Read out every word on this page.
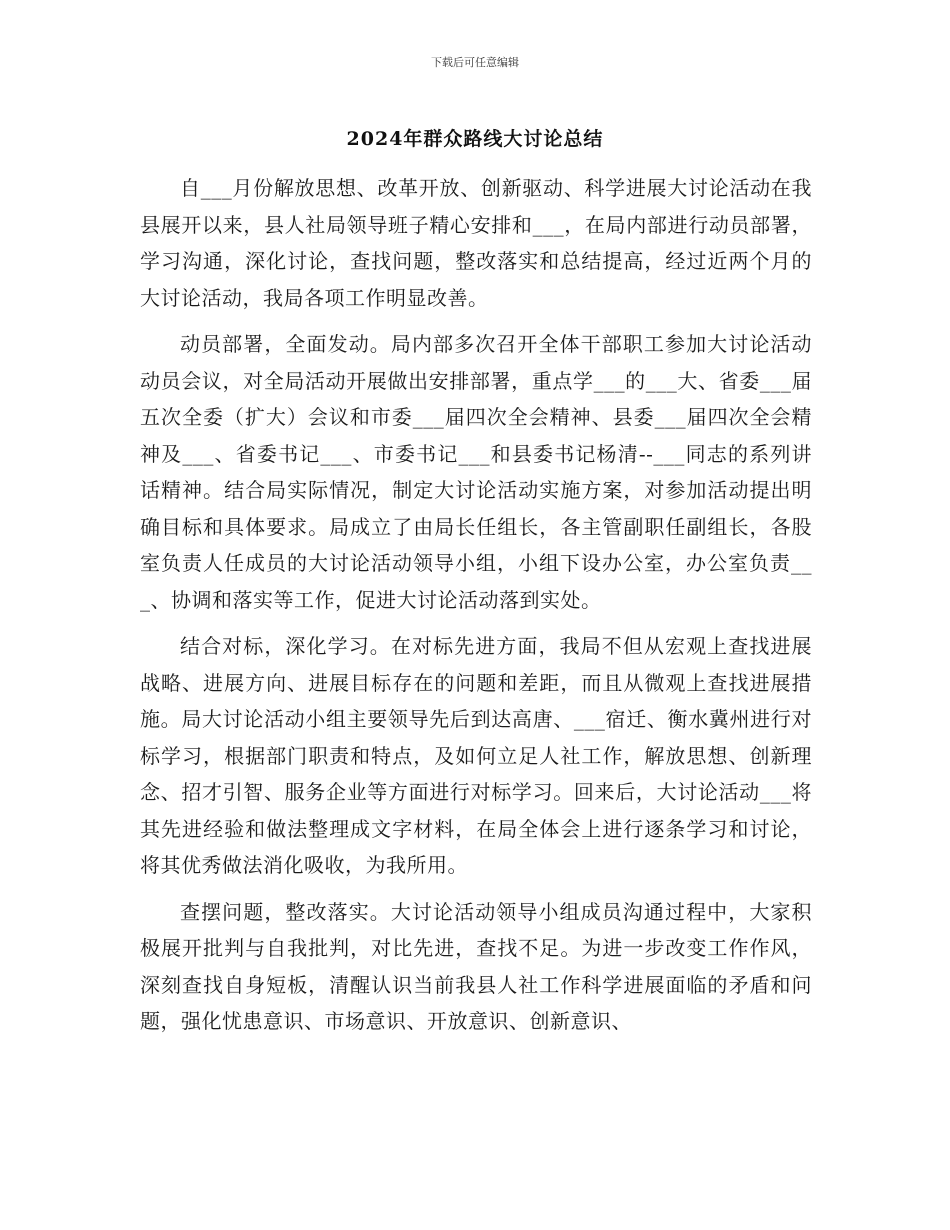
下载后可任意编辑
2024年群众路线大讨论总结

自___月份解放思想、改革开放、创新驱动、科学进展大讨论活动在我县展开以来，县人社局领导班子精心安排和___，在局内部进行动员部署，学习沟通，深化讨论，查找问题，整改落实和总结提高，经过近两个月的大讨论活动，我局各项工作明显改善。

动员部署，全面发动。局内部多次召开全体干部职工参加大讨论活动动员会议，对全局活动开展做出安排部署，重点学___的___大、省委___届五次全委（扩大）会议和市委___届四次全会精神、县委___届四次全会精神及___、省委书记___、市委书记___和县委书记杨清--___同志的系列讲话精神。结合局实际情况，制定大讨论活动实施方案，对参加活动提出明确目标和具体要求。局成立了由局长任组长，各主管副职任副组长，各股室负责人任成员的大讨论活动领导小组，小组下设办公室，办公室负责___、协调和落实等工作，促进大讨论活动落到实处。

结合对标，深化学习。在对标先进方面，我局不但从宏观上查找进展战略、进展方向、进展目标存在的问题和差距，而且从微观上查找进展措施。局大讨论活动小组主要领导先后到达高唐、___宿迁、衡水冀州进行对标学习，根据部门职责和特点，及如何立足人社工作，解放思想、创新理念、招才引智、服务企业等方面进行对标学习。回来后，大讨论活动___将其先进经验和做法整理成文字材料，在局全体会上进行逐条学习和讨论，将其优秀做法消化吸收，为我所用。

查摆问题，整改落实。大讨论活动领导小组成员沟通过程中，大家积极展开批判与自我批判，对比先进，查找不足。为进一步改变工作作风，深刻查找自身短板，清醒认识当前我县人社工作科学进展面临的矛盾和问题，强化忧患意识、市场意识、开放意识、创新意识、
